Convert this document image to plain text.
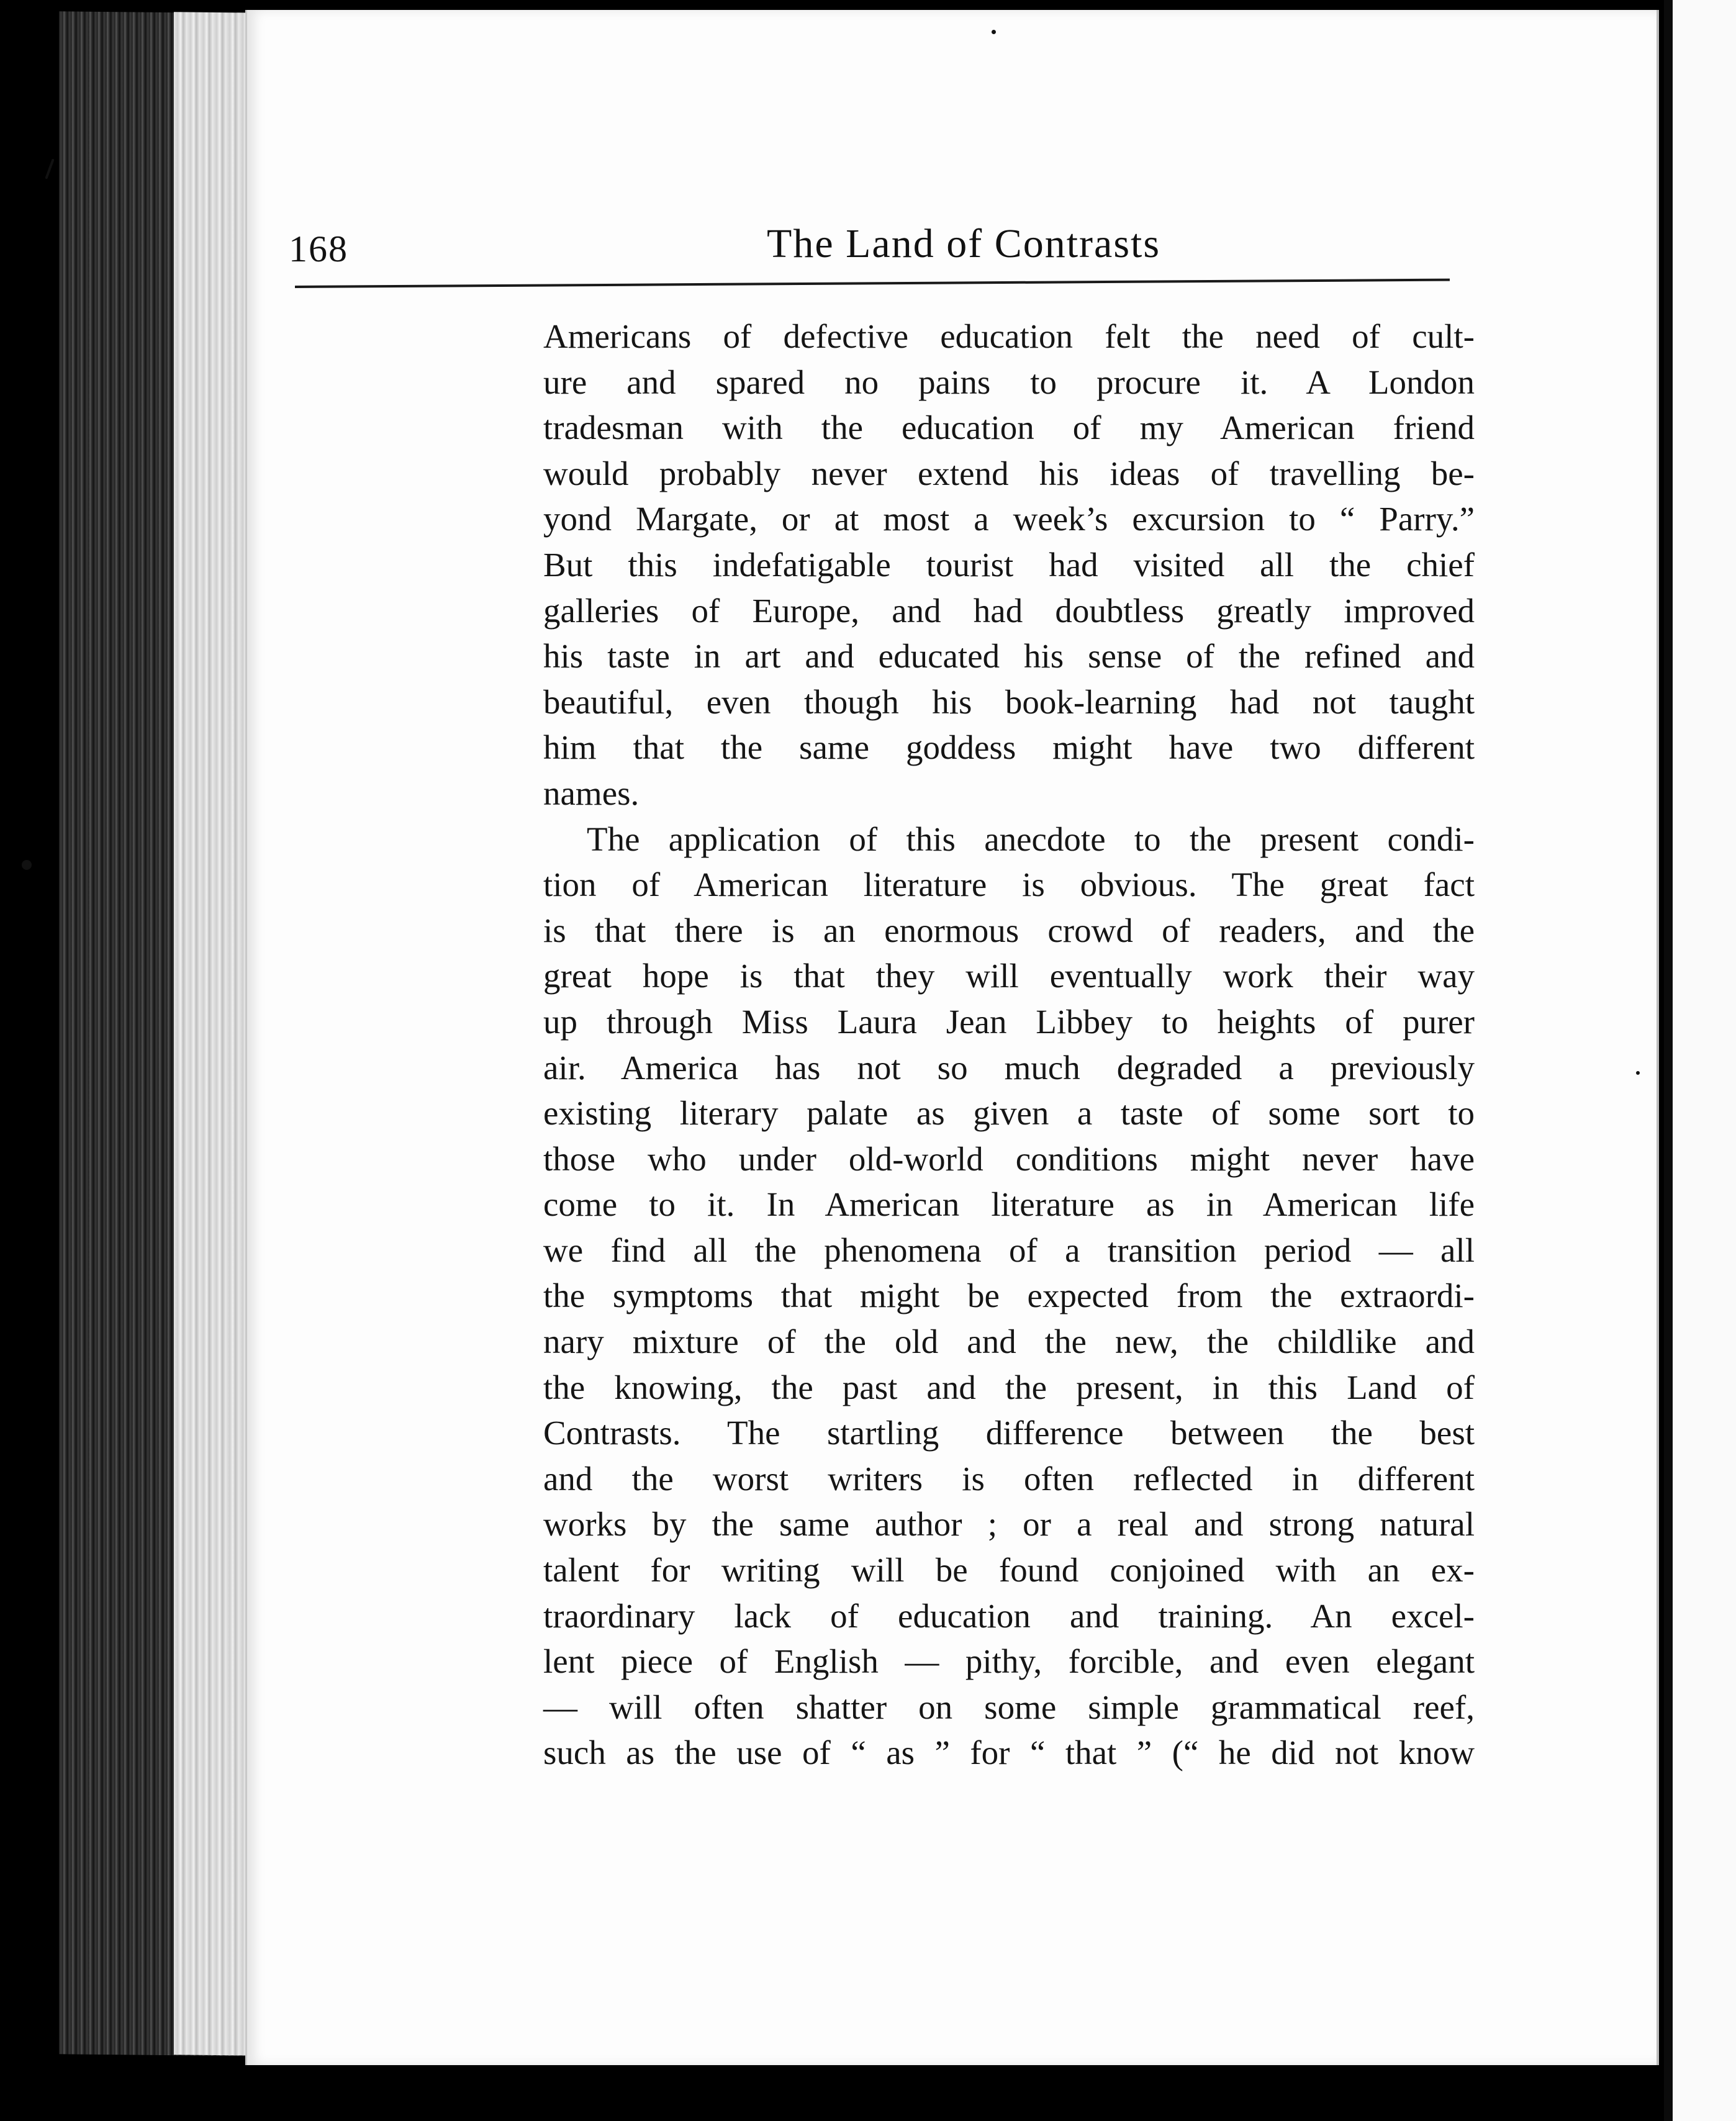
168	The Land of Contrasts
Americans of defective education felt the need of cult-
ure and spared no pains to procure it. A London
tradesman with the education of my American friend
would probably never extend his ideas of travelling be-
yond Margate, or at most a week’s excursion to “ Parry.”
But this indefatigable tourist had visited all the chief
galleries of Europe, and had doubtless greatly improved
his taste in art and educated his sense of the refined and
beautiful, even though his book-learning had not taught
him that the same goddess might have two different
names.
The application of this anecdote to the present condi-
tion of American literature is obvious. The great fact
is that there is an enormous crowd of readers, and the
great hope is that they will eventually work their way
up through Miss Laura Jean Libbey to heights of purer
air. America has not so much degraded a previously
existing literary palate as given a taste of some sort to
those who under old-world conditions might never have
come to it. In American literature as in American life
we find all the phenomena of a transition period — all
the symptoms that might be expected from the extraordi-
nary mixture of the old and the new, the childlike and
the knowing, the past and the present, in this Land of
Contrasts. The startling difference between the best
and the worst writers is often reflected in different
works by the same author ; or a real and strong natural
talent for writing will be found conjoined with an ex-
traordinary lack of education and training. An excel-
lent piece of English — pithy, forcible, and even elegant
— will often shatter on some simple grammatical reef,
such as the use of “ as ” for “ that ” (“ he did not know
